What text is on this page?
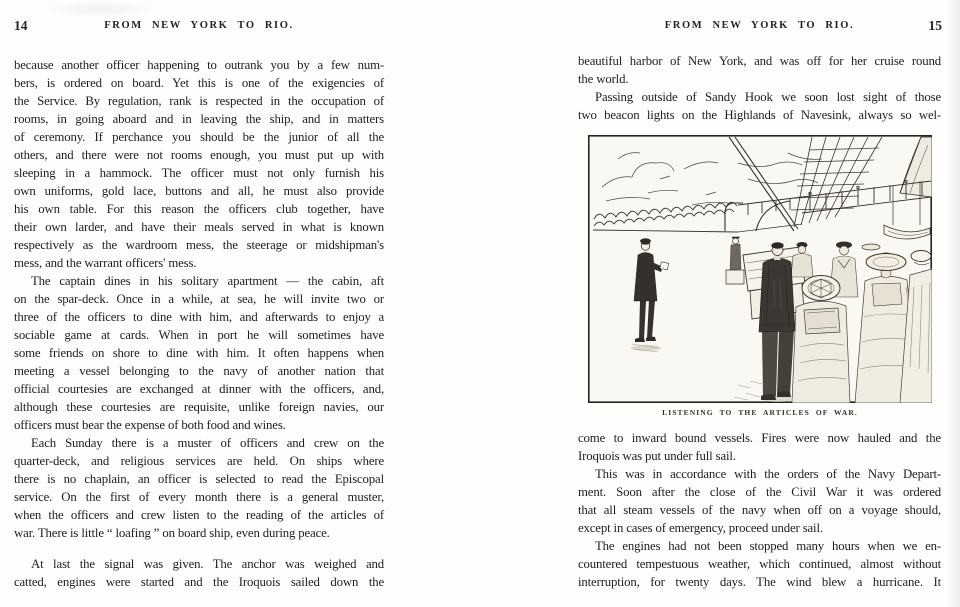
14	FROM NEW YORK TO RIO.
because another officer happening to outrank you by a few num-
bers, is ordered on board. Yet this is one of the exigencies of
the Service. By regulation, rank is respected in the occupation of
rooms, in going aboard and in leaving the ship, and in matters
of ceremony. If perchance you should be the junior of all the
others, and there were not rooms enough, you must put up with
sleeping in a hammock. The officer must not only furnish his
own uniforms, gold lace, buttons and all, he must also provide
his own table. For this reason the officers club together, have
their own larder, and have their meals served in what is known
respectively as the wardroom mess, the steerage or midshipman's
mess, and the warrant officers' mess.
The captain dines in his solitary apartment — the cabin, aft
on the spar-deck. Once in a while, at sea, he will invite two or
three of the officers to dine with him, and afterwards to enjoy a
sociable game at cards. When in port he will sometimes have
some friends on shore to dine with him. It often happens when
meeting a vessel belonging to the navy of another nation that
official courtesies are exchanged at dinner with the officers, and,
although these courtesies are requisite, unlike foreign navies, our
officers must bear the expense of both food and wines.
Each Sunday there is a muster of officers and crew on the
quarter-deck, and religious services are held. On ships where
there is no chaplain, an officer is selected to read the Episcopal
service. On the first of every month there is a general muster,
when the officers and crew listen to the reading of the articles of
war. There is little “ loafing ” on board ship, even during peace.
At last the signal was given. The anchor was weighed and
catted, engines were started and the Iroquois sailed down the
FROM NEW YORK TO RIO.	15
beautiful harbor of New York, and was off for her cruise round
the world.
Passing outside of Sandy Hook we soon lost sight of those
two beacon lights on the Highlands of Navesink, always so wel-
LISTENING TO THE ARTICLES OF WAR.
come to inward bound vessels. Fires were now hauled and the
Iroquois was put under full sail.
This was in accordance with the orders of the Navy Depart-
ment. Soon after the close of the Civil War it was ordered
that all steam vessels of the navy when off on a voyage should,
except in cases of emergency, proceed under sail.
The engines had not been stopped many hours when we en-
countered tempestuous weather, which continued, almost without
interruption, for twenty days. The wind blew a hurricane. It
